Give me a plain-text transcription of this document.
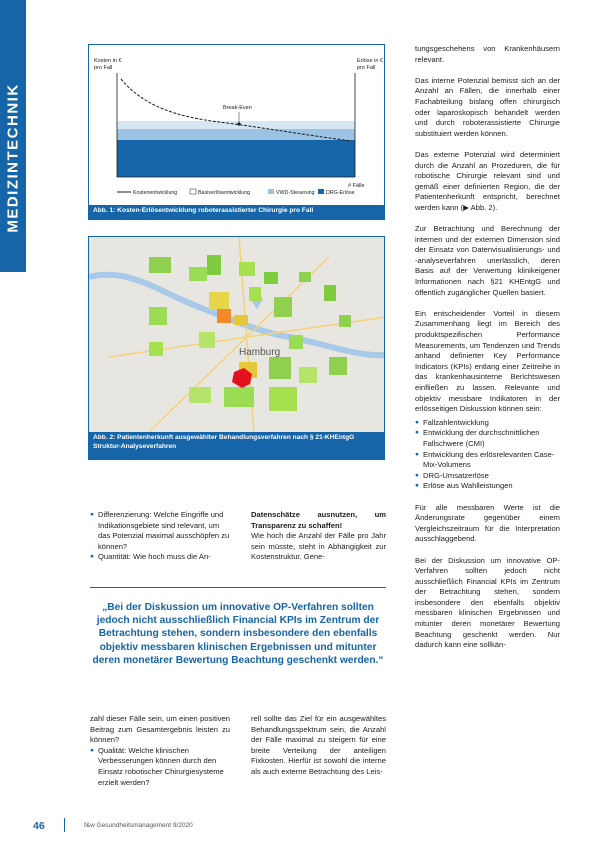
MEDIZINTECHNIK
Kosten in €
pro Fall
Erlöse in €
pro Fall
Break-Even
# Fälle
Kostenentwicklung	Basiserlösentwicklung	VWD-Steuerung DRG-Erlöse
Abb. 1: Kosten-Erlösentwicklung roboterassistierter Chirurgie pro Fall
Hamburg
Abb. 2: Patientenherkunft ausgewählter Behandlungsverfahren nach § 21-KHEntgG Struktur-Analyseverfahren
● Differenzierung: Welche Eingriffe und Indikationsgebiete sind relevant, um das Potenzial maximal ausschöpfen zu können?
● Quantität: Wie hoch muss die An-
Datenschätze ausnutzen, um Transparenz zu schaffen!
Wie hoch die Anzahl der Fälle pro Jahr sein müsste, steht in Abhängigkeit zur Kostenstruktur. Gene-
„Bei der Diskussion um innovative OP-Verfahren sollten jedoch nicht ausschließlich Financial KPIs im Zentrum der Betrachtung stehen, sondern insbesondere den ebenfalls objektiv messbaren klinischen Ergebnissen und mitunter deren monetärer Bewertung Beachtung geschenkt werden.“
zahl dieser Fälle sein, um einen positiven Beitrag zum Gesamtergebnis leisten zu können?
● Qualität: Welche klinischen Verbesserungen können durch den Einsatz robotischer Chirurgiesysteme erzielt werden?
rell sollte das Ziel für ein ausgewähltes Behandlungsspektrum sein, die Anzahl der Fälle maximal zu steigern für eine breite Verteilung der anteiligen Fixkosten. Hierfür ist sowohl die interne als auch externe Betrachtung des Leis-

tungsgeschehens von Krankenhäusern relevant.

Das interne Potenzial bemisst sich an der Anzahl an Fällen, die innerhalb einer Fachabteilung bislang offen chirurgisch oder laparoskopisch behandelt werden und durch roboterassistierte Chirurgie substituiert werden können.

Das externe Potenzial wird determiniert durch die Anzahl an Prozeduren, die für robotische Chirurgie relevant sind und gemäß einer definierten Region, die der Patientenherkunft entspricht, berechnet werden kann (▶ Abb. 2).

Zur Betrachtung und Berechnung der internen und der externen Dimension sind der Einsatz von Datenvisualisierungs- und -analyseverfahren unerlässlich, deren Basis auf der Verwertung klinikeigener Informationen nach §21 KHEntgG und öffentlich zugänglicher Quellen basiert.

Ein entscheidender Vorteil in diesem Zusammenhang liegt im Bereich des produktspezifischen Performance Measurements, um Tendenzen und Trends anhand definierter Key Performance Indicators (KPIs) entlang einer Zeitreihe in das krankenhausinterne Berichtswesen einfließen zu lassen. Relevante und objektiv messbare Indikatoren in der erlösseitigen Diskussion können sein:

● Fallzahlentwicklung
● Entwicklung der durchschnittlichen Fallschwere (CMI)
● Entwicklung des erlösrelevanten Case-Mix-Volumens
● DRG-Umsatzerlöse
● Erlöse aus Wahlleistungen

Für alle messbaren Werte ist die Änderungsrate gegenüber einem Vergleichszeitraum für die Interpretation ausschlaggebend.

Bei der Diskussion um innovative OP-Verfahren sollten jedoch nicht ausschließlich Financial KPIs im Zentrum der Betrachtung stehen, sondern insbesondere den ebenfalls objektiv messbaren klinischen Ergebnissen und mitunter deren monetärer Bewertung Beachtung geschenkt werden. Nur dadurch kann eine sollkän-

46	f&w Gesundheitsmanagement 9/2020
